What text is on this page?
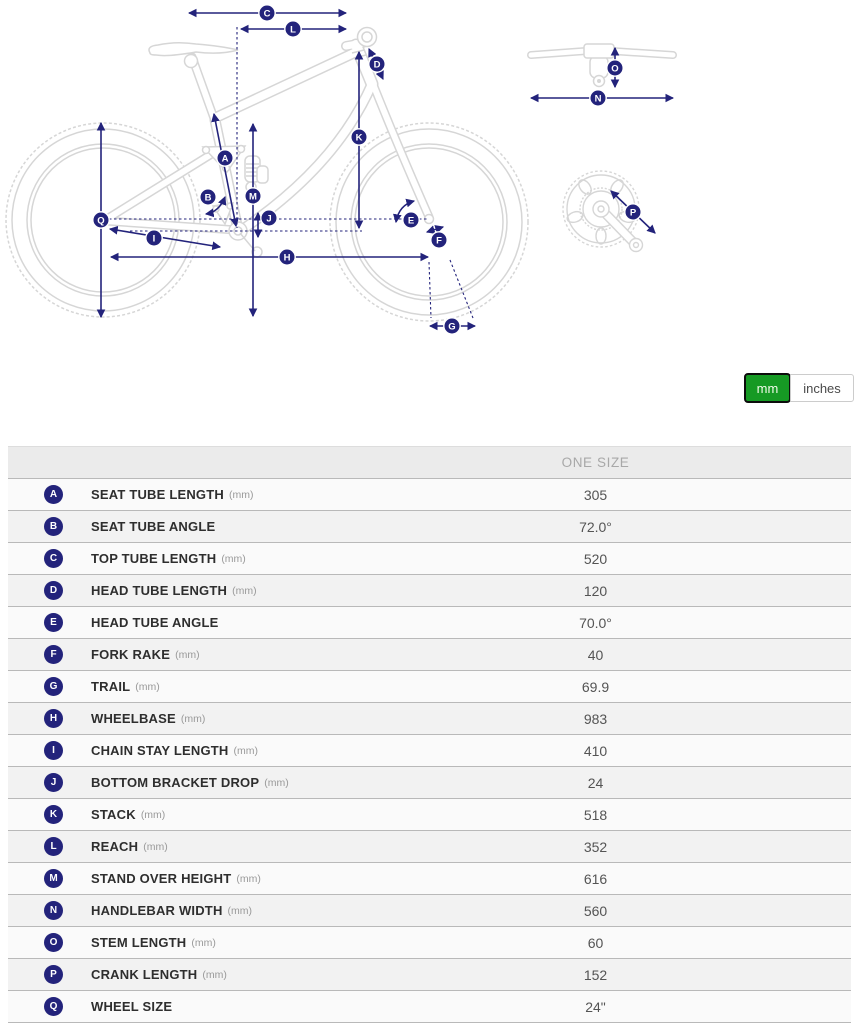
C
L
D
K
A
B	M
J
Q
I
H
E
F
G
O
N
P
mm	inches
ONE SIZE
A	SEAT TUBE LENGTH (mm)	305
B	SEAT TUBE ANGLE	72.0°
C	TOP TUBE LENGTH (mm)	520
D	HEAD TUBE LENGTH (mm)	120
E	HEAD TUBE ANGLE	70.0°
F	FORK RAKE (mm)	40
G	TRAIL (mm)	69.9
H	WHEELBASE (mm)	983
I	CHAIN STAY LENGTH (mm)	410
J	BOTTOM BRACKET DROP (mm)	24
K	STACK (mm)	518
L	REACH (mm)	352
M	STAND OVER HEIGHT (mm)	616
N	HANDLEBAR WIDTH (mm)	560
O	STEM LENGTH (mm)	60
P	CRANK LENGTH (mm)	152
Q	WHEEL SIZE	24"
